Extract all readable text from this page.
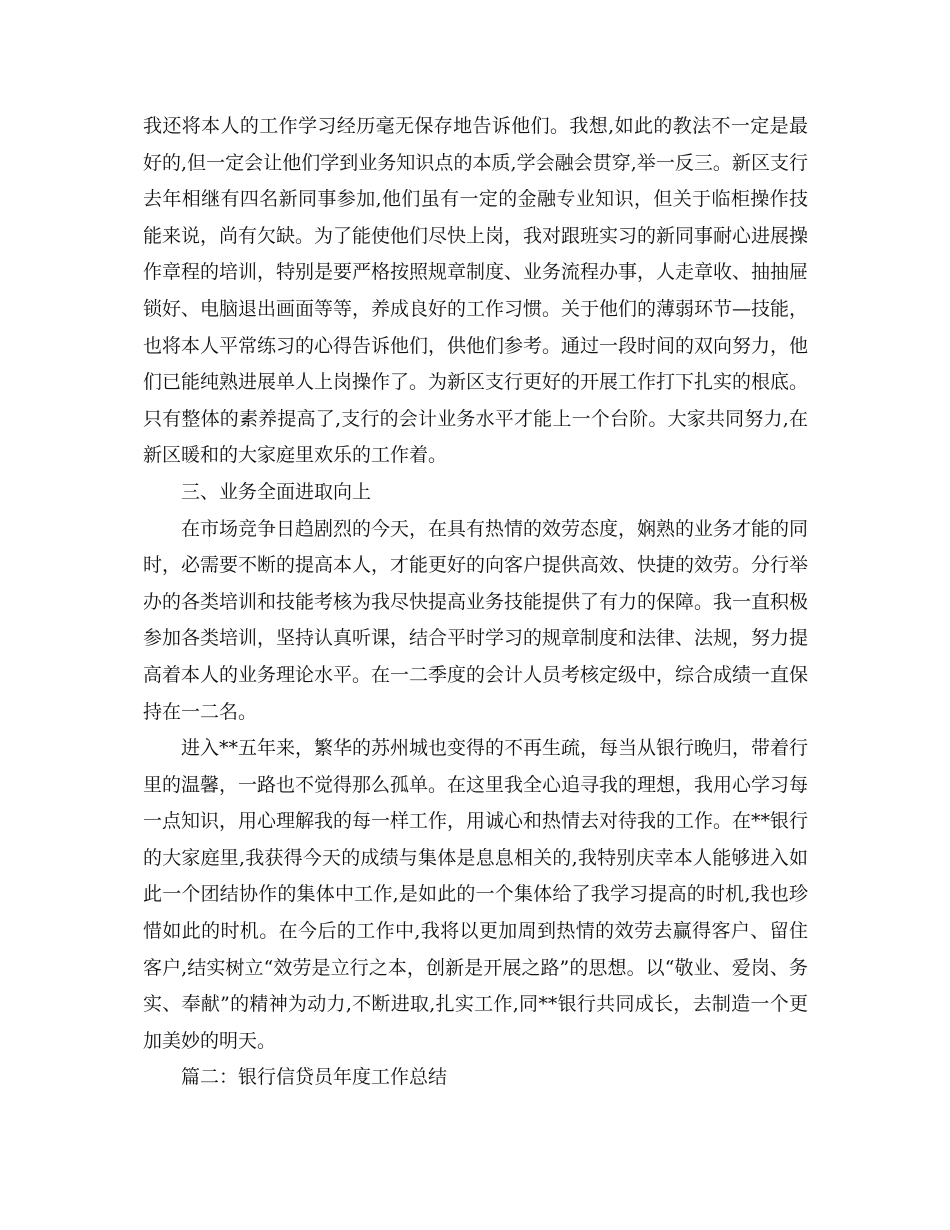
我还将本人的工作学习经历毫无保存地告诉他们。我想,如此的教法不一定是最好的,但一定会让他们学到业务知识点的本质,学会融会贯穿,举一反三。新区支行去年相继有四名新同事参加,他们虽有一定的金融专业知识，但关于临柜操作技能来说，尚有欠缺。为了能使他们尽快上岗，我对跟班实习的新同事耐心进展操作章程的培训，特别是要严格按照规章制度、业务流程办事，人走章收、抽抽屉锁好、电脑退出画面等等，养成良好的工作习惯。关于他们的薄弱环节—技能，也将本人平常练习的心得告诉他们，供他们参考。通过一段时间的双向努力，他们已能纯熟进展单人上岗操作了。为新区支行更好的开展工作打下扎实的根底。只有整体的素养提高了,支行的会计业务水平才能上一个台阶。大家共同努力,在新区暖和的大家庭里欢乐的工作着。

三、业务全面进取向上

在市场竞争日趋剧烈的今天，在具有热情的效劳态度，娴熟的业务才能的同时，必需要不断的提高本人，才能更好的向客户提供高效、快捷的效劳。分行举办的各类培训和技能考核为我尽快提高业务技能提供了有力的保障。我一直积极参加各类培训，坚持认真听课，结合平时学习的规章制度和法律、法规，努力提高着本人的业务理论水平。在一二季度的会计人员考核定级中，综合成绩一直保持在一二名。

进入**五年来，繁华的苏州城也变得的不再生疏，每当从银行晚归，带着行里的温馨，一路也不觉得那么孤单。在这里我全心追寻我的理想，我用心学习每一点知识，用心理解我的每一样工作，用诚心和热情去对待我的工作。在**银行的大家庭里,我获得今天的成绩与集体是息息相关的,我特别庆幸本人能够进入如此一个团结协作的集体中工作,是如此的一个集体给了我学习提高的时机,我也珍惜如此的时机。在今后的工作中,我将以更加周到热情的效劳去赢得客户、留住客户,结实树立“效劳是立行之本，创新是开展之路”的思想。以“敬业、爱岗、务实、奉献”的精神为动力,不断进取,扎实工作,同**银行共同成长，去制造一个更加美妙的明天。

篇二：银行信贷员年度工作总结
